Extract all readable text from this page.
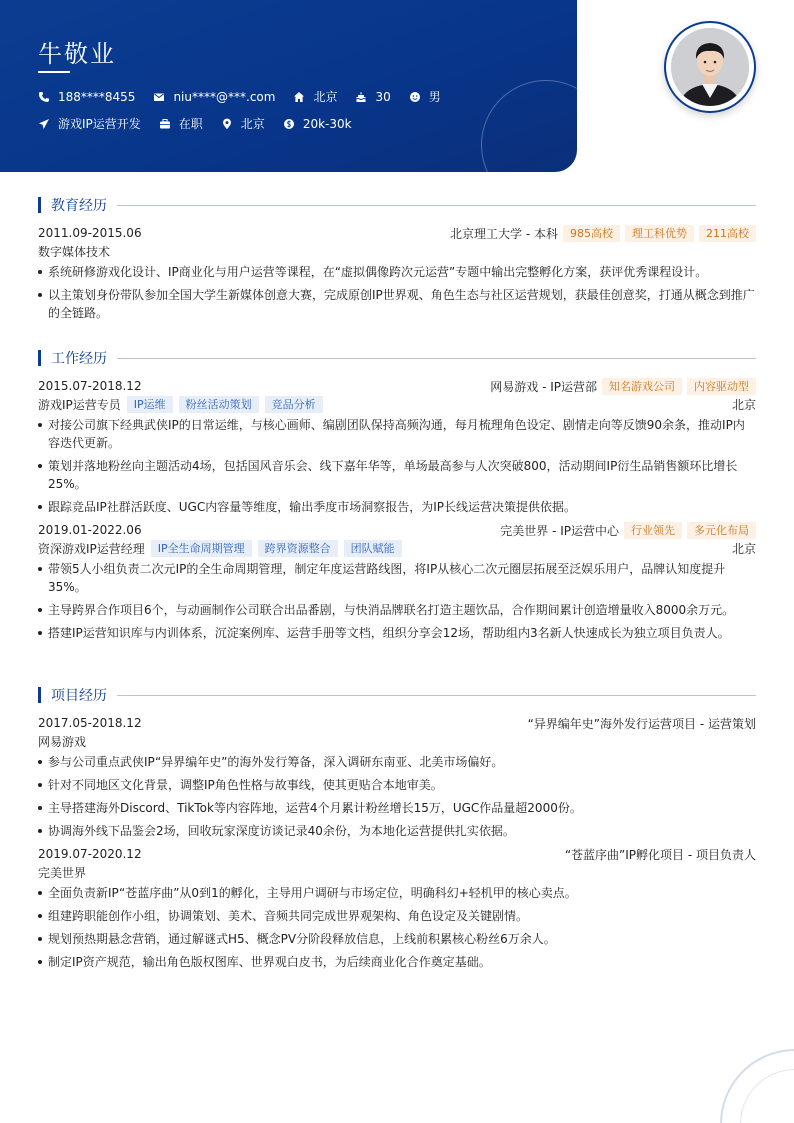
牛敬业
188****8455	niu****@***.com	北京	30	男
游戏IP运营开发	在职	北京	20k-30k
教育经历
2011.09-2015.06	北京理工大学 - 本科	985高校	理工科优势	211高校
数字媒体技术
系统研修游戏化设计、IP商业化与用户运营等课程，在“虚拟偶像跨次元运营”专题中输出完整孵化方案，获评优秀课程设计。
以主策划身份带队参加全国大学生新媒体创意大赛，完成原创IP世界观、角色生态与社区运营规划，获最佳创意奖，打通从概念到推广的全链路。
工作经历
2015.07-2018.12	网易游戏 - IP运营部	知名游戏公司	内容驱动型
游戏IP运营专员	IP运维	粉丝活动策划	竞品分析	北京
对接公司旗下经典武侠IP的日常运维，与核心画师、编剧团队保持高频沟通，每月梳理角色设定、剧情走向等反馈90余条，推动IP内容迭代更新。
策划并落地粉丝向主题活动4场，包括国风音乐会、线下嘉年华等，单场最高参与人次突破800，活动期间IP衍生品销售额环比增长25%。
跟踪竞品IP社群活跃度、UGC内容量等维度，输出季度市场洞察报告，为IP长线运营决策提供依据。
2019.01-2022.06	完美世界 - IP运营中心	行业领先	多元化布局
资深游戏IP运营经理	IP全生命周期管理	跨界资源整合	团队赋能	北京
带领5人小组负责二次元IP的全生命周期管理，制定年度运营路线图，将IP从核心二次元圈层拓展至泛娱乐用户，品牌认知度提升35%。
主导跨界合作项目6个，与动画制作公司联合出品番剧，与快消品牌联名打造主题饮品，合作期间累计创造增量收入8000余万元。
搭建IP运营知识库与内训体系，沉淀案例库、运营手册等文档，组织分享会12场，帮助组内3名新人快速成长为独立项目负责人。
项目经历
2017.05-2018.12	“异界编年史”海外发行运营项目 - 运营策划
网易游戏
参与公司重点武侠IP“异界编年史”的海外发行筹备，深入调研东南亚、北美市场偏好。
针对不同地区文化背景，调整IP角色性格与故事线，使其更贴合本地审美。
主导搭建海外Discord、TikTok等内容阵地，运营4个月累计粉丝增长15万，UGC作品量超2000份。
协调海外线下品鉴会2场，回收玩家深度访谈记录40余份，为本地化运营提供扎实依据。
2019.07-2020.12	“苍蓝序曲”IP孵化项目 - 项目负责人
完美世界
全面负责新IP“苍蓝序曲”从0到1的孵化，主导用户调研与市场定位，明确科幻+轻机甲的核心卖点。
组建跨职能创作小组，协调策划、美术、音频共同完成世界观架构、角色设定及关键剧情。
规划预热期悬念营销，通过解谜式H5、概念PV分阶段释放信息，上线前积累核心粉丝6万余人。
制定IP资产规范，输出角色版权图库、世界观白皮书，为后续商业化合作奠定基础。
